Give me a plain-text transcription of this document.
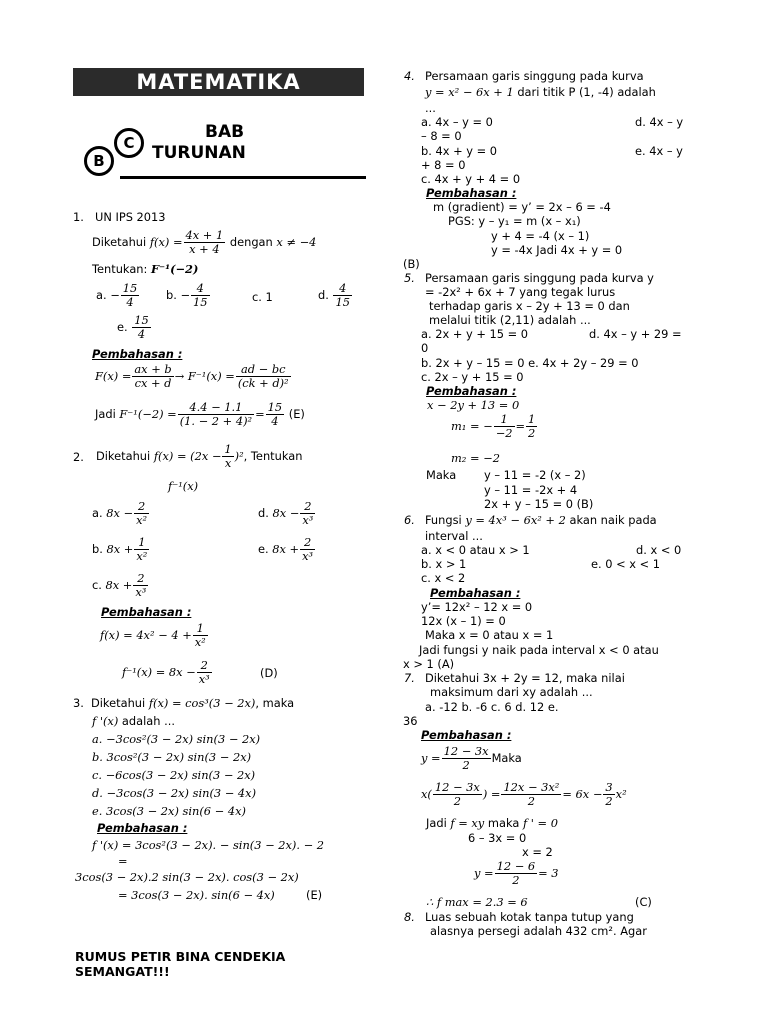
MATEMATIKA
B
C
BAB
TURUNAN
1. UN IPS 2013
Diketahui $f(x) = \frac{4x + 1}{x + 4}$ dengan x ≠ −4
Tentukan: F⁻¹(−2)
a. − $\frac{15}{4} b$. − $\frac{4}{15}$	c. 1	d. $\frac{4}{15}$
e. $\frac{15}{4}$
Pembahasan :
$F(x) = \frac{ax + b}{cx + d} \to F^{-1}(x) = \frac{ad - bc}{\text{(ck + d)²}}$
Jadi $F^{-1}(-2) = \frac{4.4 - 1.1}{\text{(1. − 2 + 4)²}} = \frac{15}{4} (E)$
2. Diketahui $f(x) = (2x - \frac{1}{x} )^2$, Tentukan
f⁻¹(x)
a. $8x - \frac{2}{\text{x²}}$	d. $8x - \frac{2}{\text{x³}}$
b. $8x + \frac{1}{\text{x²}}$	e. $8x + \frac{2}{\text{x³}}$
c. $8x + \frac{2}{\text{x³}}$
Pembahasan :
$f(x) = 4x^2 - 4 + \frac{1}{\text{x²}}$
$f^{-1}(x) = 8x - \frac{2}{\text{x³}}$	(D)
3. Diketahui f(x) = cos³(3 − 2x), maka
f '(x) adalah ...
a. −3cos²(3 − 2x) sin(3 − 2x)
b. 3cos²(3 − 2x) sin(3 − 2x)
c. −6cos(3 − 2x) sin(3 − 2x)
d. −3cos(3 − 2x) sin(3 − 4x)
e. 3cos(3 − 2x) sin(6 − 4x)
Pembahasan :
f '(x) = 3cos²(3 − 2x). − sin(3 − 2x). − 2
=
3cos(3 − 2x).2 sin(3 − 2x). cos(3 − 2x)
= 3cos(3 − 2x). sin(6 − 4x)	(E)
RUMUS PETIR BINA CENDEKIA
SEMANGAT!!!
4. Persamaan garis singgung pada kurva
y = x² − 6x + 1 dari titik P (1, -4) adalah
...
a. 4x – y = 0	d. 4x – y
– 8 = 0
b. 4x + y = 0	e. 4x – y
+ 8 = 0
c. 4x + y + 4 = 0
Pembahasan :
m (gradient) = y’ = 2x – 6 = -4
PGS: y – y₁ = m (x – x₁)
y + 4 = -4 (x – 1)
y = -4x Jadi 4x + y = 0
(B)
5. Persamaan garis singgung pada kurva y
= -2x² + 6x + 7 yang tegak lurus
terhadap garis x – 2y + 13 = 0 dan
melalui titik (2,11) adalah ...
a. 2x + y + 15 = 0	d. 4x – y + 29 =
0
b. 2x + y – 15 = 0 e. 4x + 2y – 29 = 0
c. 2x – y + 15 = 0
Pembahasan :
x − 2y + 13 = 0
m₁ = − $\frac{1}{-2} = \frac{1}{2}$
m₂ = −2
Maka y – 11 = -2 (x – 2)
y – 11 = -2x + 4
2x + y – 15 = 0 (B)
6. Fungsi y = 4x³ − 6x² + 2 akan naik pada
interval ...
a. x < 0 atau x > 1	d. x < 0
b. x > 1	e. 0 < x < 1
c. x < 2
Pembahasan :
y’= 12x² – 12 x = 0
12x (x – 1) = 0
Maka x = 0 atau x = 1
Jadi fungsi y naik pada interval x < 0 atau
x > 1 (A)
7. Diketahui 3x + 2y = 12, maka nilai
maksimum dari xy adalah ...
a. -12 b. -6 c. 6 d. 12 e.
36
Pembahasan :
$y = \frac{12 - 3x}{2}$ Maka
$x( \frac{12 - 3x}{2}$ ) = $\frac{\text{12x − 3x²}}{2} = 6x - \frac{3}{2} x^2$
Jadi f = xy maka f ' = 0
6 – 3x = 0
x = 2
$y = \frac{12 - 6}{2} = 3$
∴ f max = 2.3 = 6	(C)
8. Luas sebuah kotak tanpa tutup yang
alasnya persegi adalah 432 cm². Agar
